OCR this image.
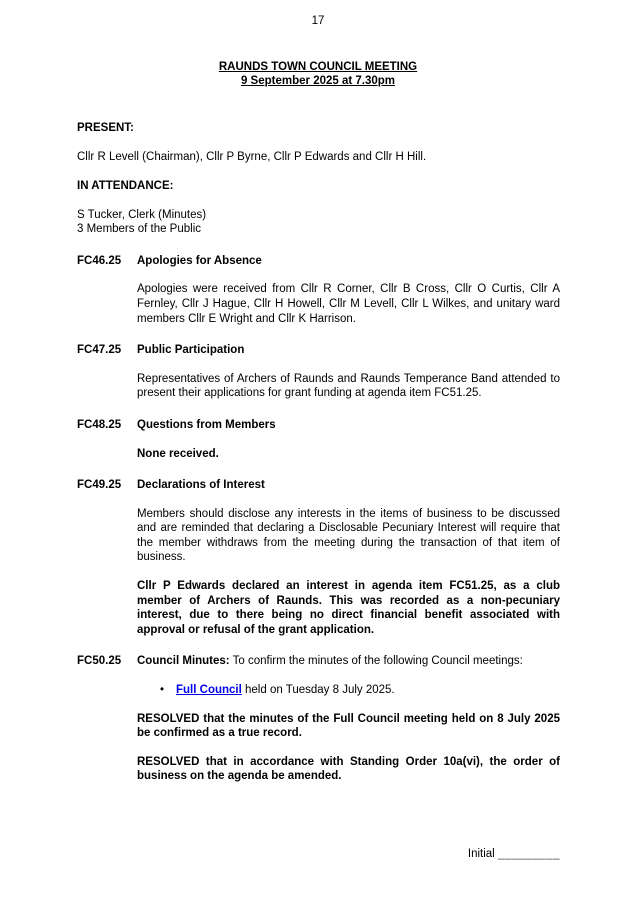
17
RAUNDS TOWN COUNCIL MEETING
9 September 2025 at 7.30pm
PRESENT:
Cllr R Levell (Chairman), Cllr P Byrne, Cllr P Edwards and Cllr H Hill.
IN ATTENDANCE:
S Tucker, Clerk (Minutes)
3 Members of the Public
FC46.25	Apologies for Absence
Apologies were received from Cllr R Corner, Cllr B Cross, Cllr O Curtis, Cllr A Fernley, Cllr J Hague, Cllr H Howell, Cllr M Levell, Cllr L Wilkes, and unitary ward members Cllr E Wright and Cllr K Harrison.
FC47.25	Public Participation
Representatives of Archers of Raunds and Raunds Temperance Band attended to present their applications for grant funding at agenda item FC51.25.
FC48.25	Questions from Members
None received.
FC49.25	Declarations of Interest
Members should disclose any interests in the items of business to be discussed and are reminded that declaring a Disclosable Pecuniary Interest will require that the member withdraws from the meeting during the transaction of that item of business.
Cllr P Edwards declared an interest in agenda item FC51.25, as a club member of Archers of Raunds. This was recorded as a non-pecuniary interest, due to there being no direct financial benefit associated with approval or refusal of the grant application.
FC50.25	Council Minutes: To confirm the minutes of the following Council meetings:
•	Full Council held on Tuesday 8 July 2025.
RESOLVED that the minutes of the Full Council meeting held on 8 July 2025 be confirmed as a true record.
RESOLVED that in accordance with Standing Order 10a(vi), the order of business on the agenda be amended.
Initial _________
